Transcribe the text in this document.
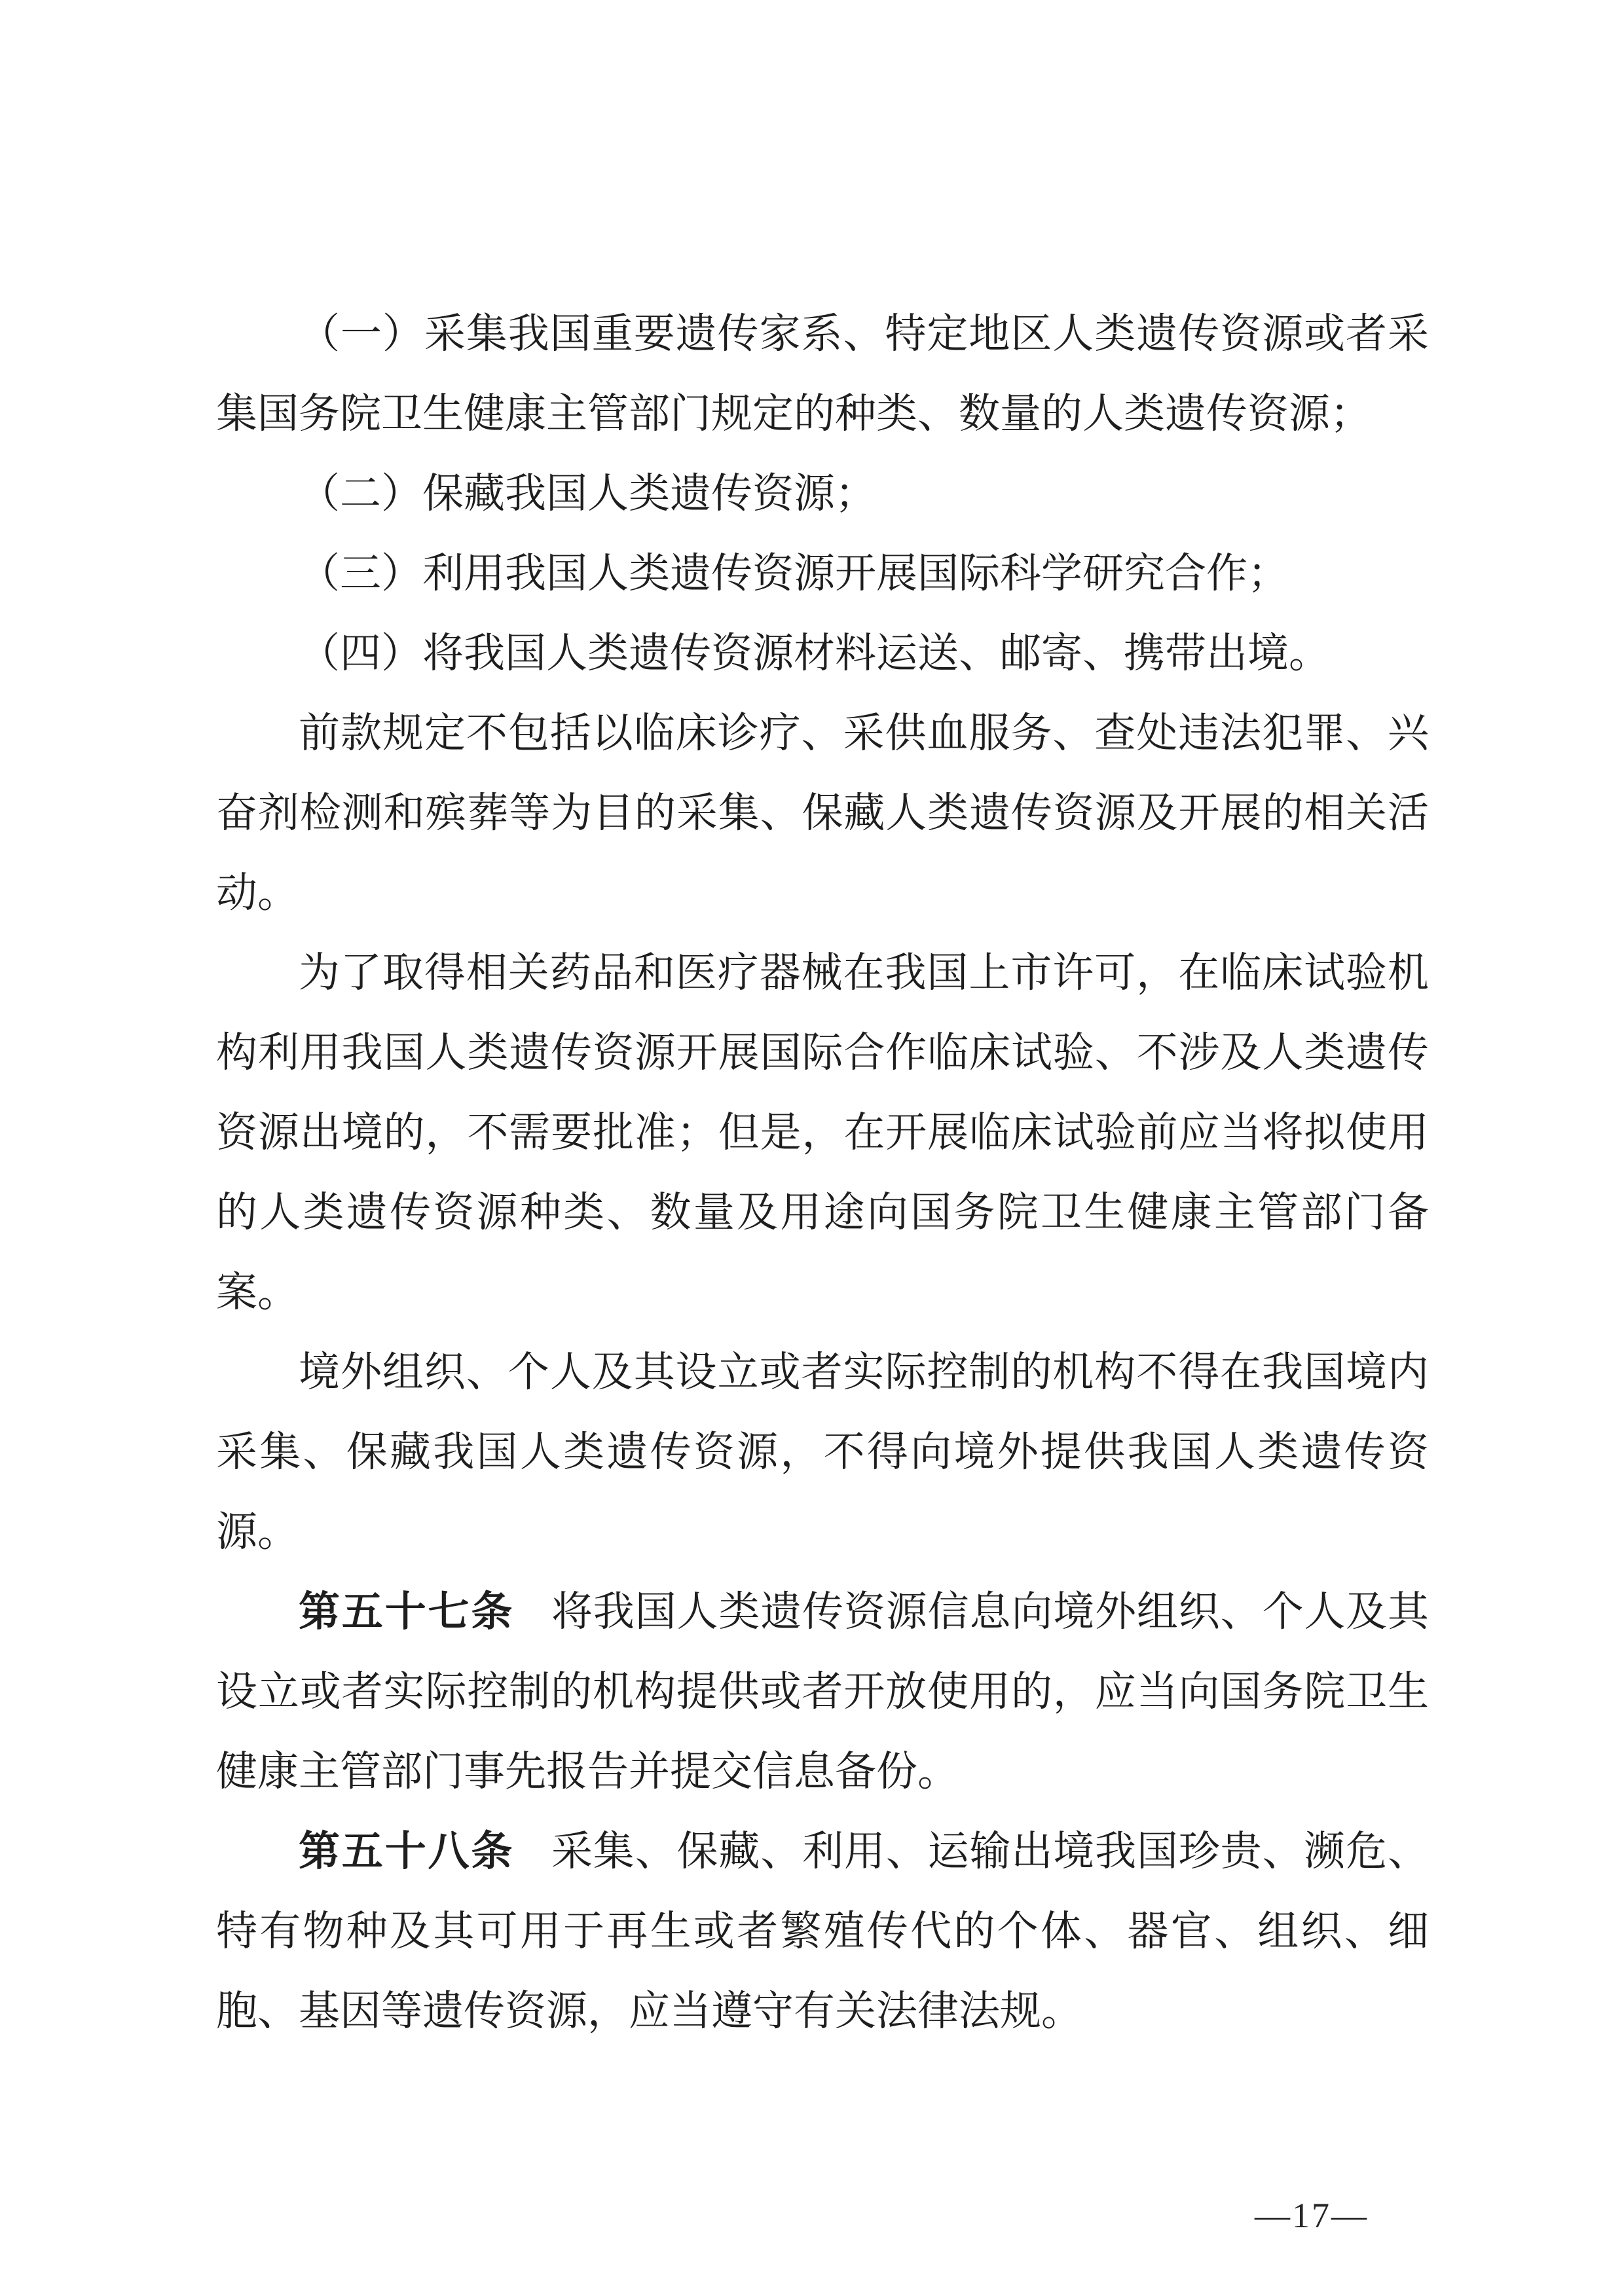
（一）采集我国重要遗传家系、特定地区人类遗传资源或者采集国务院卫生健康主管部门规定的种类、数量的人类遗传资源；

（二）保藏我国人类遗传资源；

（三）利用我国人类遗传资源开展国际科学研究合作；

（四）将我国人类遗传资源材料运送、邮寄、携带出境。

前款规定不包括以临床诊疗、采供血服务、查处违法犯罪、兴奋剂检测和殡葬等为目的采集、保藏人类遗传资源及开展的相关活动。

为了取得相关药品和医疗器械在我国上市许可，在临床试验机构利用我国人类遗传资源开展国际合作临床试验、不涉及人类遗传资源出境的，不需要批准；但是，在开展临床试验前应当将拟使用的人类遗传资源种类、数量及用途向国务院卫生健康主管部门备案。

境外组织、个人及其设立或者实际控制的机构不得在我国境内采集、保藏我国人类遗传资源，不得向境外提供我国人类遗传资源。

第五十七条 将我国人类遗传资源信息向境外组织、个人及其设立或者实际控制的机构提供或者开放使用的，应当向国务院卫生健康主管部门事先报告并提交信息备份。

第五十八条 采集、保藏、利用、运输出境我国珍贵、濒危、特有物种及其可用于再生或者繁殖传代的个体、器官、组织、细胞、基因等遗传资源，应当遵守有关法律法规。

—17—
